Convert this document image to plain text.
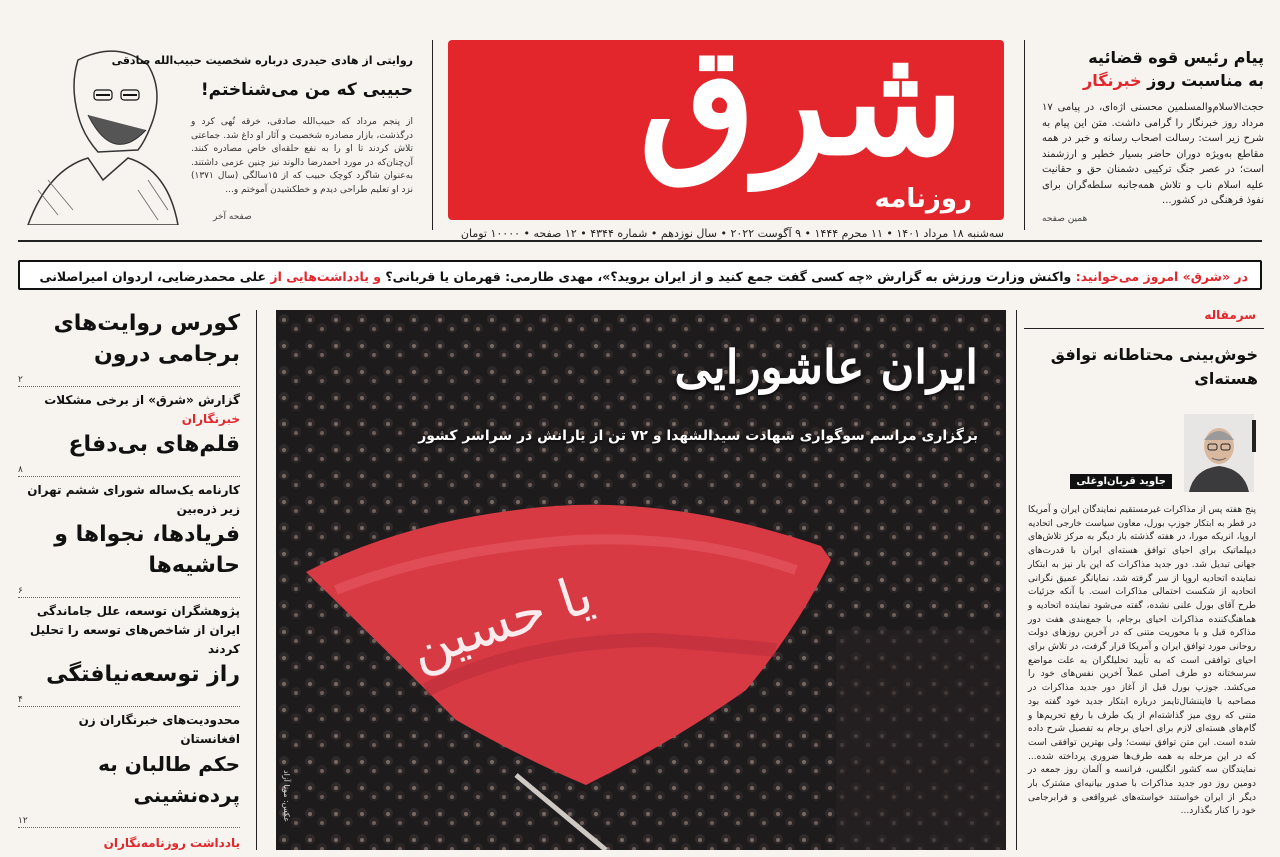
شرق
روزنامه
سه‌شنبه ۱۸ مرداد ۱۴۰۱ • ۱۱ محرم ۱۴۴۴ • ۹ آگوست ۲۰۲۲ • سال نوزدهم • شماره ۴۳۴۴ • ۱۲ صفحه • ۱۰۰۰۰ تومان
روایتی از هادی حیدری درباره شخصیت حبیب‌الله صادقی
حبیبی که من می‌شناختم!
از پنجم مرداد که حبیب‌الله صادقی، خرقه تُهی کرد و درگذشت، بازار مصادره شخصیت و آثار او داغ شد. جماعتی تلاش کردند تا او را به نفع حلقه‌ای خاص مصادره کنند. آن‌چنان‌که در مورد احمدرضا دالوند نیز چنین عزمی داشتند. به‌عنوان شاگرد کوچک حبیب که از ۱۵سالگی (سال ۱۳۷۱) نزد او تعلیم طراحی دیدم و خطکشیدن آموختم و...
صفحه آخر
پیام رئیس قوه قضائیه
به مناسبت روز خبرنگار
حجت‌الاسلام‌والمسلمین محسنی اژه‌ای، در پیامی ۱۷ مرداد روز خبرنگار را گرامی داشت. متن این پیام به شرح زیر است: رسالت اصحاب رسانه و خبر در همه مقاطع به‌ویژه دوران حاضر بسیار خطیر و ارزشمند است؛ در عصر جنگ ترکیبی دشمنان حق و حقانیت علیه اسلام ناب و تلاش همه‌جانبه سلطه‌گران برای نفوذ فرهنگی در کشور...
همین صفحه
در «شرق» امروز می‌خوانید: واکنش وزارت ورزش به گزارش «چه کسی گفت جمع کنید و از ایران بروید؟»، مهدی طارمی: قهرمان یا قربانی؟ و یادداشت‌هایی از علی محمدرضایی، اردوان امیراصلانی
کورس روایت‌های برجامی درون
۲
گزارش «شرق» از برخی مشکلات خبرنگاران
قلم‌های بی‌دفاع
۸
کارنامه یک‌ساله شورای ششم تهران زیر ذره‌بین
فریادها، نجواها و حاشیه‌ها
۶
پژوهشگران توسعه، علل جاماندگی ایران از شاخص‌های توسعه را تحلیل کردند
راز توسعه‌نیافتگی
۴
محدودیت‌های خبرنگاران زن افغانستان
حکم طالبان به پرده‌نشینی
۱۲
یادداشت روزنامه‌نگاران
یا حسین
ایران عاشورایی
برگزاری مراسم سوگواری شهادت سیدالشهدا و ۷۲ تن از یارانش در سراسر کشور
عکس: مونا آزاد
سرمقاله
خوش‌بینی محتاطانه توافق هسته‌ای
جاوید قربان‌اوغلی
پنج هفته پس از مذاکرات غیرمستقیم نمایندگان ایران و آمریکا در قطر به ابتکار جوزپ بورل، معاون سیاست خارجی اتحادیه اروپا، انریکه مورا، در هفته گذشته بار دیگر به مرکز تلاش‌های دیپلماتیک برای احیای توافق هسته‌ای ایران با قدرت‌های جهانی تبدیل شد. دور جدید مذاکرات که این بار نیز به ابتکار نماینده اتحادیه اروپا از سر گرفته شد، نمایانگر عمیق نگرانی اتحادیه از شکست احتمالی مذاکرات است. با آنکه جزئیات طرح آقای بورل علنی نشده، گفته می‌شود نماینده اتحادیه و هماهنگ‌کننده مذاکرات احیای برجام، با جمع‌بندی هفت دور مذاکره قبل و با محوریت متنی که در آخرین روزهای دولت روحانی مورد توافق ایران و آمریکا قرار گرفت، در تلاش برای احیای توافقی است که به تأیید تحلیلگران به علت مواضع سرسختانه دو طرف اصلی عملاً آخرین نفس‌های خود را می‌کشد. جوزپ بورل قبل از آغاز دور جدید مذاکرات در مصاحبه با فایننشال‌تایمز درباره ابتکار جدید خود گفته بود متنی که روی میز گذاشته‌ام از یک طرف با رفع تحریم‌ها و گام‌های هسته‌ای لازم برای احیای برجام به تفصیل شرح داده شده است. این متن توافق نیست؛ ولی بهترین توافقی است که در این مرحله به همه طرف‌ها ضروری پرداخته شده... نمایندگان سه کشور انگلیس، فرانسه و آلمان روز جمعه در دومین روز دور جدید مذاکرات با صدور بیانیه‌ای مشترک بار دیگر از ایران خواستند خواسته‌های غیرواقعی و فرابرجامی خود را کنار بگذارد...
